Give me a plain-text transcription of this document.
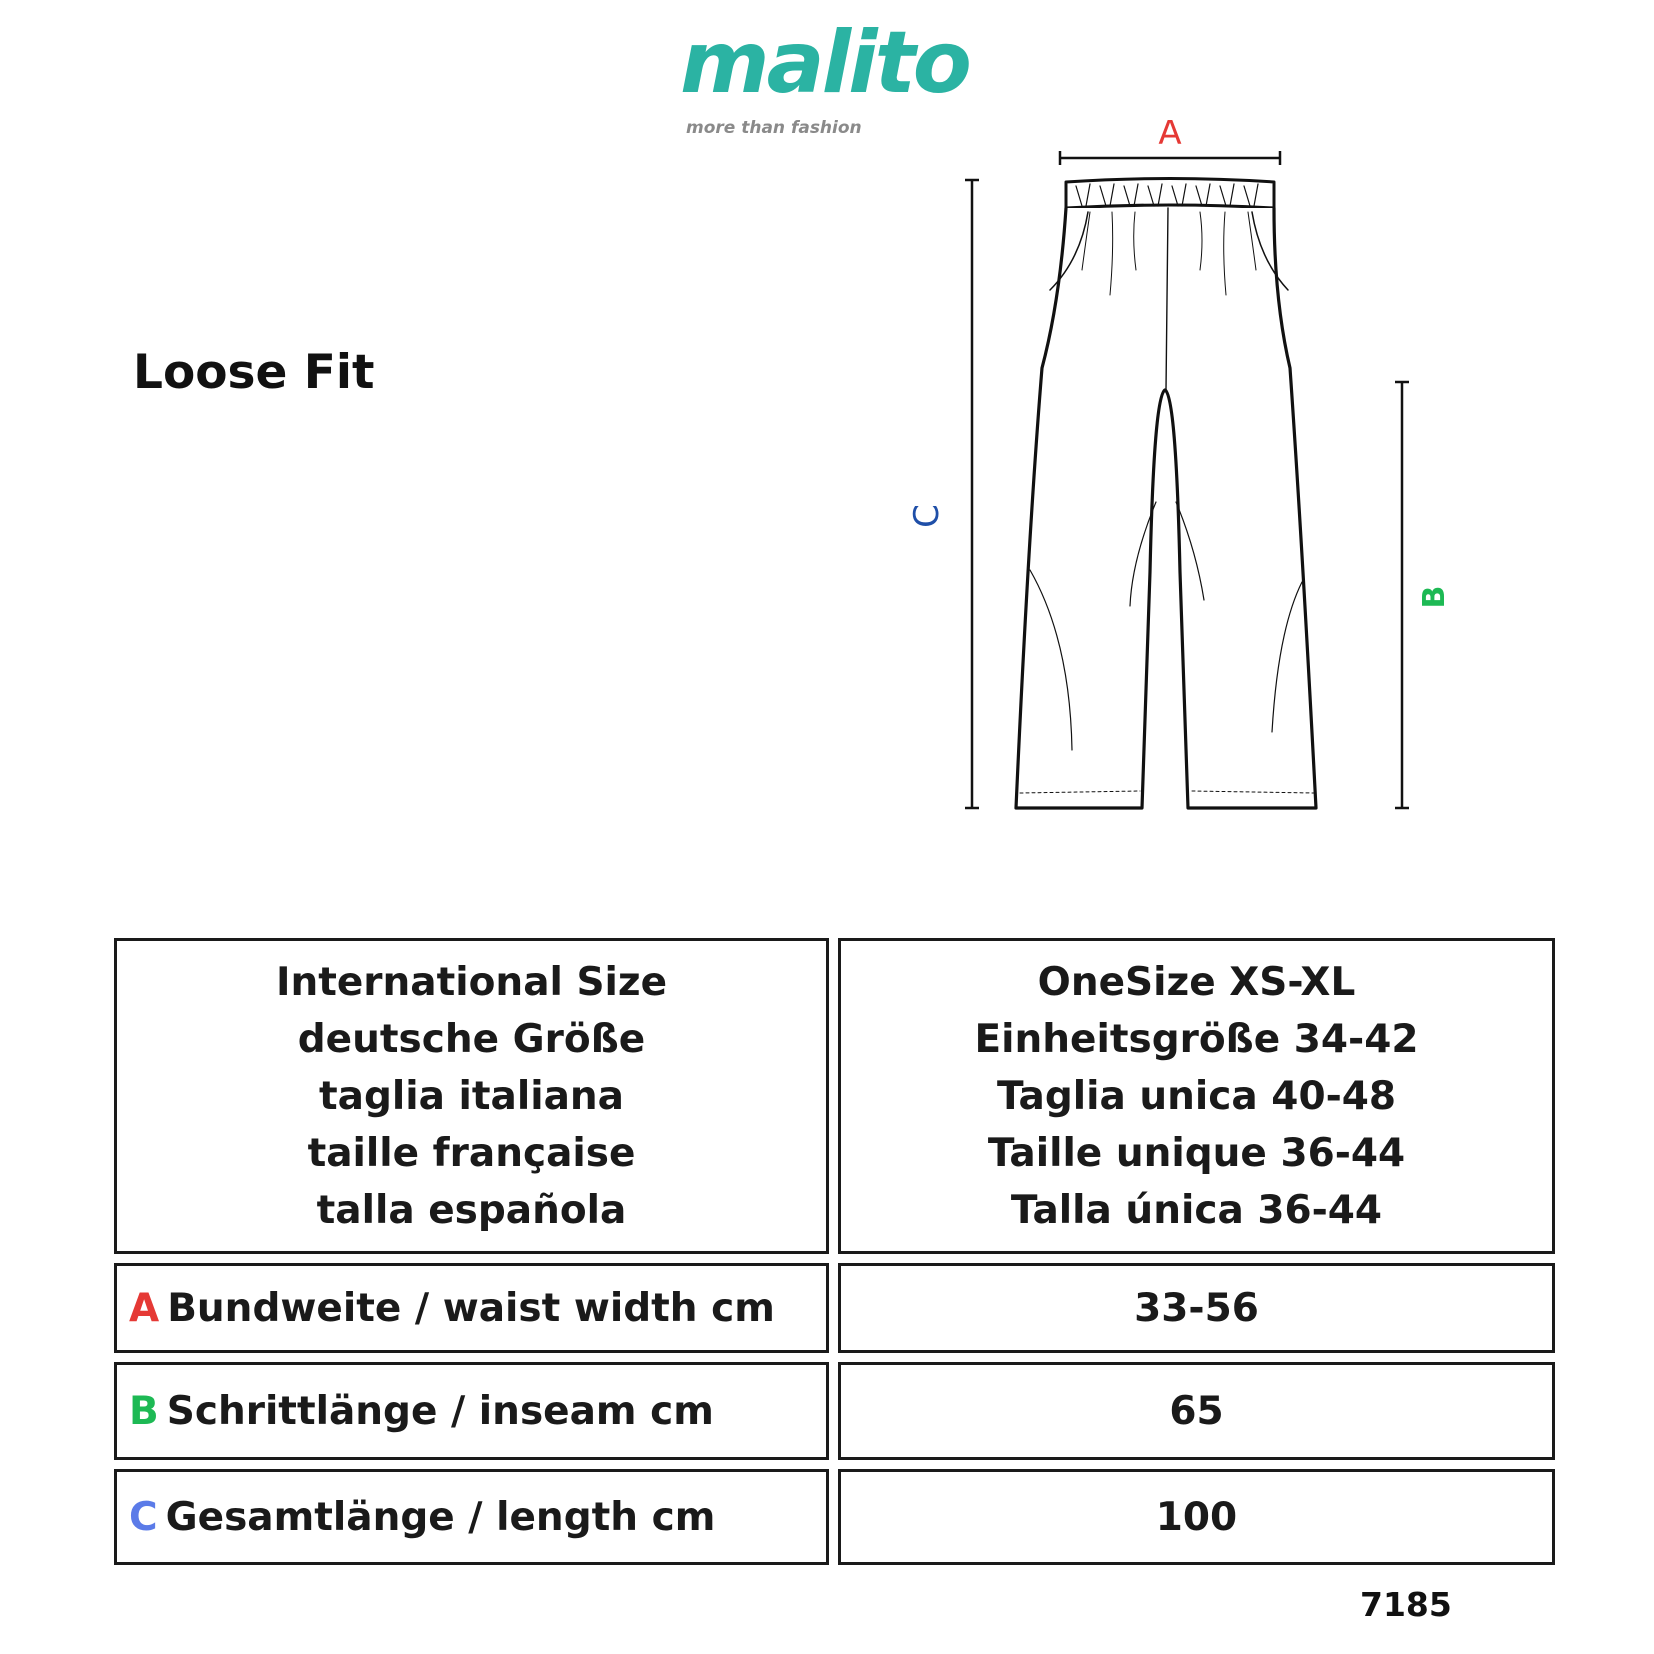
malito
more than fashion
Loose Fit
A
C
B
International Size
deutsche Größe
taglia italiana
taille française
talla española
OneSize XS-XL
Einheitsgröße 34-42
Taglia unica 40-48
Taille unique 36-44
Talla única 36-44
A Bundweite / waist width cm	33-56
B Schrittlänge / inseam cm	65
C Gesamtlänge / length cm	100
7185
